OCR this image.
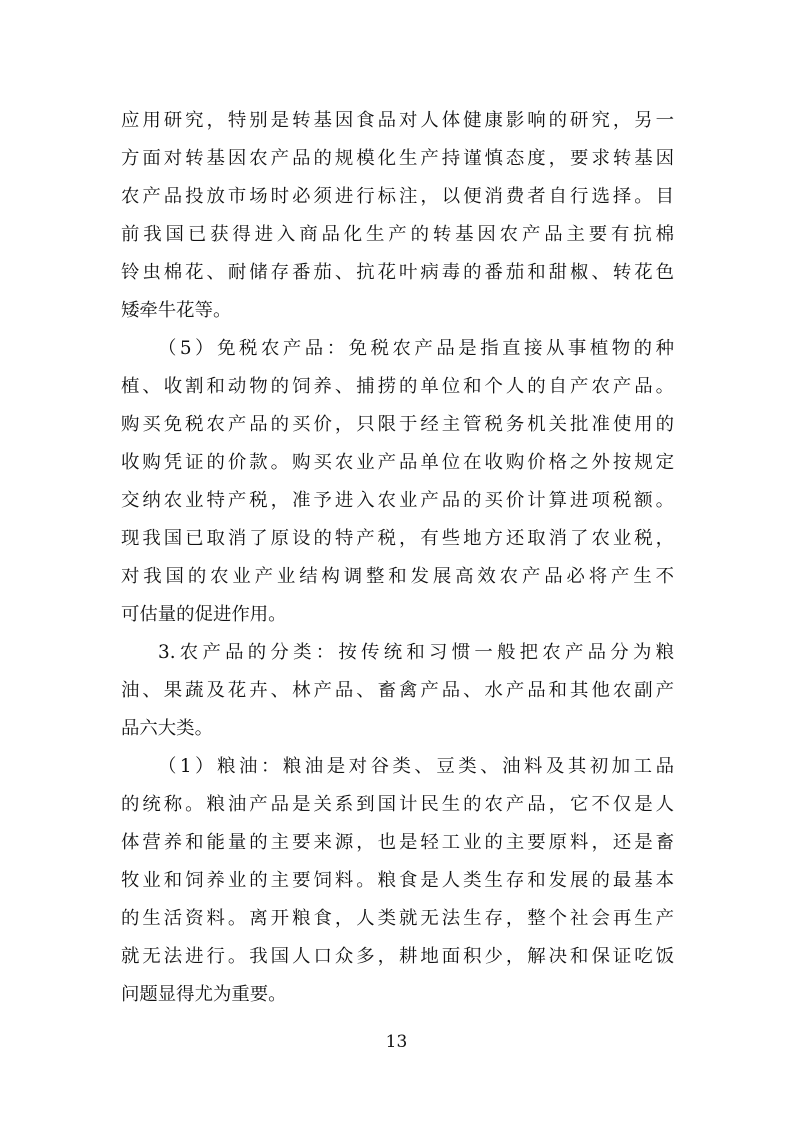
应用研究，特别是转基因食品对人体健康影响的研究，另一
方面对转基因农产品的规模化生产持谨慎态度，要求转基因
农产品投放市场时必须进行标注，以便消费者自行选择。目
前我国已获得进入商品化生产的转基因农产品主要有抗棉
铃虫棉花、耐储存番茄、抗花叶病毒的番茄和甜椒、转花色
矮牵牛花等。
（5）免税农产品：免税农产品是指直接从事植物的种
植、收割和动物的饲养、捕捞的单位和个人的自产农产品。
购买免税农产品的买价，只限于经主管税务机关批准使用的
收购凭证的价款。购买农业产品单位在收购价格之外按规定
交纳农业特产税，准予进入农业产品的买价计算进项税额。
现我国已取消了原设的特产税，有些地方还取消了农业税，
对我国的农业产业结构调整和发展高效农产品必将产生不
可估量的促进作用。
3.农产品的分类：按传统和习惯一般把农产品分为粮
油、果蔬及花卉、林产品、畜禽产品、水产品和其他农副产
品六大类。
（1）粮油：粮油是对谷类、豆类、油料及其初加工品
的统称。粮油产品是关系到国计民生的农产品，它不仅是人
体营养和能量的主要来源，也是轻工业的主要原料，还是畜
牧业和饲养业的主要饲料。粮食是人类生存和发展的最基本
的生活资料。离开粮食，人类就无法生存，整个社会再生产
就无法进行。我国人口众多，耕地面积少，解决和保证吃饭
问题显得尤为重要。
13
